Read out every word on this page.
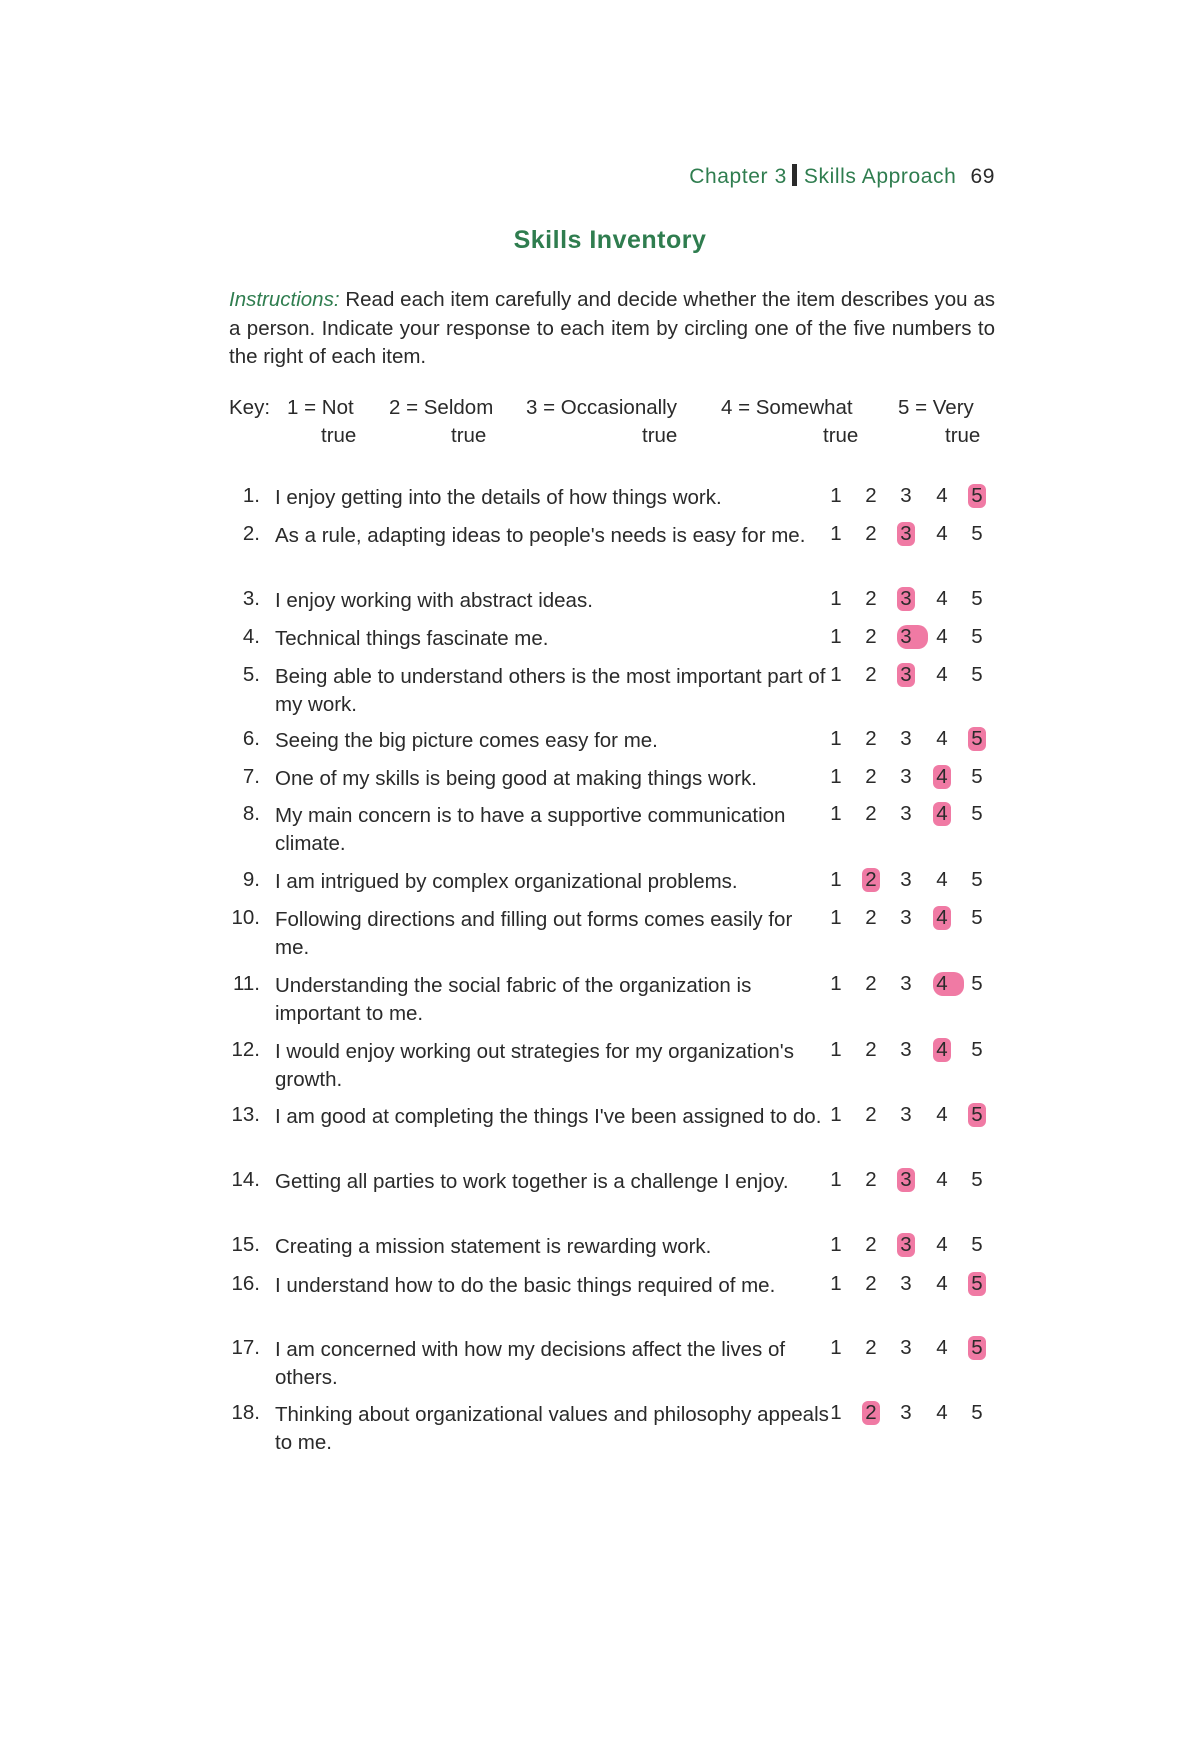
Chapter 3 Skills Approach 69
Skills Inventory
Instructions: Read each item carefully and decide whether the item describes you as a person. Indicate your response to each item by circling one of the five numbers to the right of each item.
Key: 1 = Not
true
2 = Seldom
true
3 = Occasionally
true
4 = Somewhat
true
5 = Very
true
1. I enjoy getting into the details of how things work.	1 2 3 4 5
2. As a rule, adapting ideas to people's needs is easy for me.	1 2 3 4 5
3. I enjoy working with abstract ideas.	1 2 3 4 5
4. Technical things fascinate me.	1 2 3	4 5
5. Being able to understand others is the most important part of my work.
1 2 3 4 5
6. Seeing the big picture comes easy for me.	1 2 3 4 5
7. One of my skills is being good at making things work.	1 2 3 4 5
8. My main concern is to have a supportive communication climate.
1 2 3 4 5
9. I am intrigued by complex organizational problems.	1 2 3 4 5
10. Following directions and filling out forms comes easily for me.
1 2 3 4 5
11. Understanding the social fabric of the organization is important to me.
1 2 3 4	5
12. I would enjoy working out strategies for my organization's growth.
1 2 3 4 5
13. I am good at completing the things I've been assigned to do. 1 2 3 4 5
14. Getting all parties to work together is a challenge I enjoy.	1 2 3 4 5
15. Creating a mission statement is rewarding work.	1 2 3 4 5
16. I understand how to do the basic things required of me.	1 2 3 4 5
17. I am concerned with how my decisions affect the lives of others.
1 2 3 4 5
18. Thinking about organizational values and philosophy appeals to me.
1 2 3 4 5
